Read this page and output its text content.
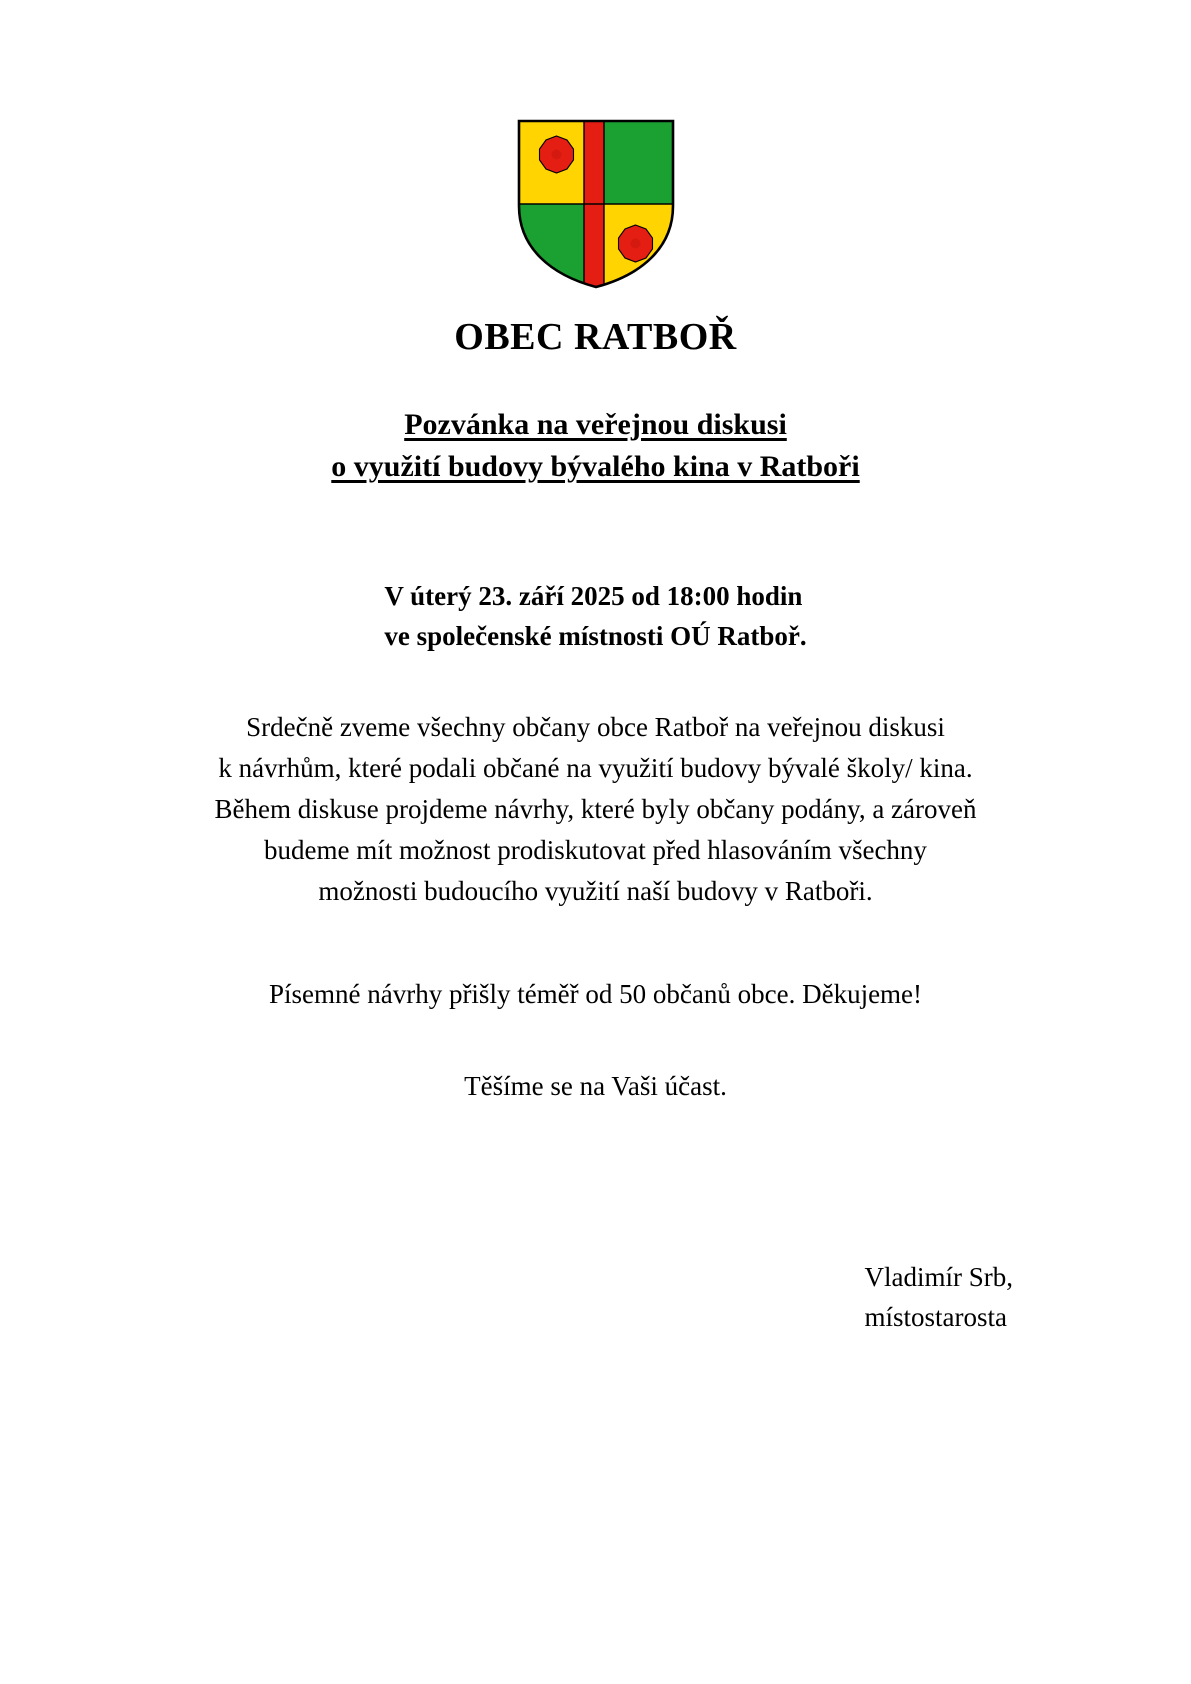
OBEC RATBOŘ
Pozvánka na veřejnou diskusi
o využití budovy bývalého kina v Ratboři
V úterý 23. září 2025 od 18:00 hodin
ve společenské místnosti OÚ Ratboř.
Srdečně zveme všechny občany obce Ratboř na veřejnou diskusi
k návrhům, které podali občané na využití budovy bývalé školy/ kina.
Během diskuse projdeme návrhy, které byly občany podány, a zároveň
budeme mít možnost prodiskutovat před hlasováním všechny
možnosti budoucího využití naší budovy v Ratboři.
Písemné návrhy přišly téměř od 50 občanů obce. Děkujeme!
Těšíme se na Vaši účast.
Vladimír Srb,
místostarosta
